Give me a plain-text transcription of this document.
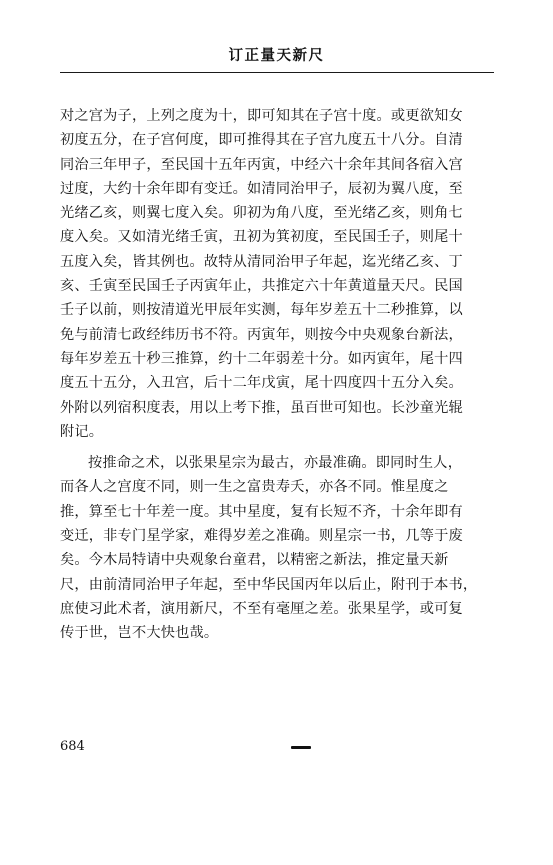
订正量天新尺
对之宫为子，上列之度为十，即可知其在子宫十度。或更欲知女
初度五分，在子宫何度，即可推得其在子宫九度五十八分。自清
同治三年甲子，至民国十五年丙寅，中经六十余年其间各宿入宫
过度，大约十余年即有变迁。如清同治甲子，辰初为翼八度，至
光绪乙亥，则翼七度入矣。卯初为角八度，至光绪乙亥，则角七
度入矣。又如清光绪壬寅，丑初为箕初度，至民国壬子，则尾十
五度入矣，皆其例也。故特从清同治甲子年起，迄光绪乙亥、丁
亥、壬寅至民国壬子丙寅年止，共推定六十年黄道量天尺。民国
壬子以前，则按清道光甲辰年实测，每年岁差五十二秒推算，以
免与前清七政经纬历书不符。丙寅年，则按今中央观象台新法，
每年岁差五十秒三推算，约十二年弱差十分。如丙寅年，尾十四
度五十五分，入丑宫，后十二年戊寅，尾十四度四十五分入矣。
外附以列宿积度表，用以上考下推，虽百世可知也。长沙童光辊
附记。
按推命之术，以张果星宗为最古，亦最准确。即同时生人，
而各人之宫度不同，则一生之富贵寿夭，亦各不同。惟星度之
推，算至七十年差一度。其中星度，复有长短不齐，十余年即有
变迁，非专门星学家，难得岁差之准确。则星宗一书，几等于废
矣。今木局特请中央观象台童君，以精密之新法，推定量天新
尺，由前清同治甲子年起，至中华民国丙年以后止，附刊于本书，
庶使习此术者，演用新尺，不至有毫厘之差。张果星学，或可复
传于世，岂不大快也哉。
684
